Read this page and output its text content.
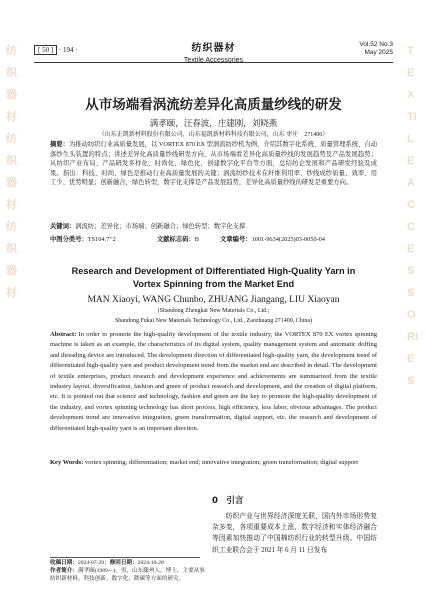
纺织器材纺织器材纺织器材
TEXTILE ACCESSORIES
[ 50 ] · 194 ·	纺织器材
Textile Accessories
Vol.52 No.3
May 2025
从市场端看涡流纺差异化高质量纱线的研发
满孝颐，汪春波，庄建刚，刘晓燕
（山东正凯新材料股份有限公司，山东福凯新材料科技有限公司，山东 枣庄　271400）
摘要：为推动纺织行业高质量发展，以 VORTEX 870 EX 型涡流纺纱机为例，介绍其数字化系统、质量管理系统、自动落纱生头装置的特点；讲述差异化高质量纱线研发方向，从市场端看差异化高质量纱线的发展趋势及产品发展趋势；从纺织产业布局、产品研发多样化、时尚化、绿色化，创建数字化平台等方面，总结纺企发展和产品研发经验及成果。指出：科技、时尚、绿色是推动行业高质量发展的关键；涡流纺纱技术在纤维利用率、纱线成纱质量、效率、用工少、优势明显；创新融合，绿色转型，数字化支撑是产品发展趋势，差异化高质量纱线的研发是重要方向。
关键词：涡流纺；差异化；市场端；创新融合；绿色转型；数字化支撑
中图分类号：TS104.7⁺2	文献标志码：B	文章编号：1001-9634(2025)03-0050-04
Research and Development of Differentiated High-Quality Yarn in Vortex Spinning from the Market End
MAN Xiaoyi, WANG Chunbo, ZHUANG Jiangang, LIU Xiaoyan
(Shandong Zhengkai New Materials Co., Ltd.;
Shandong Fukai New Materials Technology Co., Ltd., Zaozhuang 271400, China)
Abstract: In order to promote the high-quality development of the textile industry, the VORTEX 870 EX vortex spinning machine is taken as an example, the characteristics of its digital system, quality management system and automatic doffing and threading device are introduced. The development direction of differentiated high-quality yarn, the development trend of differentiated high-quality yarn and product development trend from the market end are described in detail. The development of textile enterprises, product research and development experience and achievements are summarized from the textile industry layout, diversification, fashion and green of product research and development, and the creation of digital platform, etc. It is pointed out that science and technology, fashion and green are the key to promote the high-quality development of the industry, and vortex spinning technology has short process, high efficiency, less labor, obvious advantages. The product development trend are innovative integration, green transformation, digital support, etc. the research and development of differentiated high-quality yarn is an important direction.
Key Words: vortex spinning; differentiation; market end; innovative integration; green transformation; digital support
0　引言
纺织产业与世界经济深度关联，国内外市场形势复杂多变，各项重要成本上涨，数字经济和实体经济融合等因素加快推动了中国棉纺织行业的转型升级。中国纺织工业联合会于 2021 年 6 月 11 日发布
收稿日期：2024-07-29；修回日期：2024-10-28
作者简介：满孝颐(1989—)，男，山东滕州人，博士，主要从事纺织新材料、科技创新、数字化、降碳等方面的研究。
